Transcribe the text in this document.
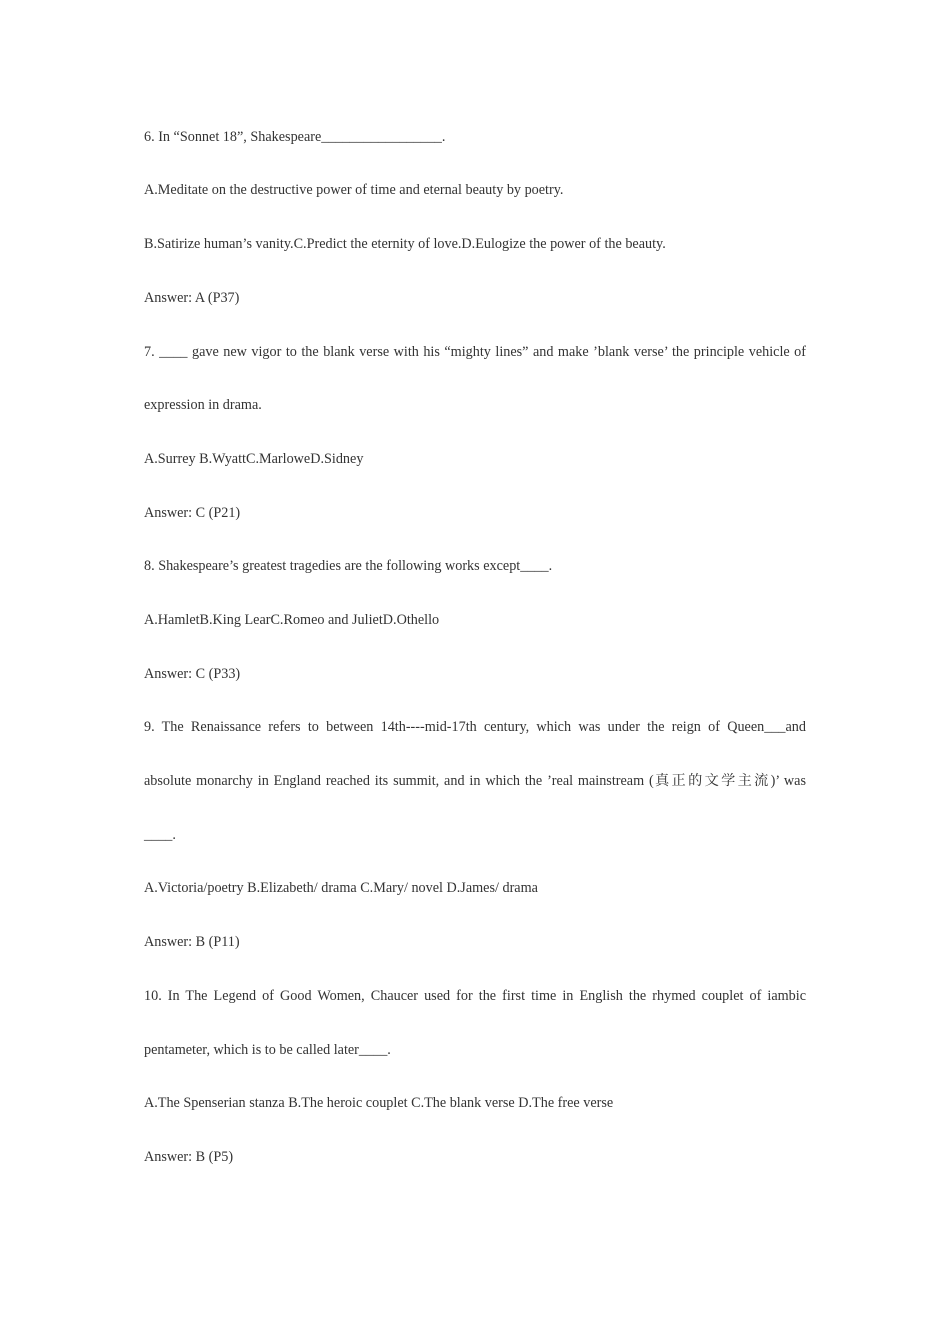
6. In “Sonnet 18”, Shakespeare_________________.
A.Meditate on the destructive power of time and eternal beauty by poetry.
B.Satirize human’s vanity.C.Predict the eternity of love.D.Eulogize the power of the beauty.
Answer: A (P37)
7. ____ gave new vigor to the blank verse with his “mighty lines” and make ’blank verse’ the principle vehicle of
expression in drama.
A.Surrey B.WyattC.MarloweD.Sidney
Answer: C (P21)
8. Shakespeare’s greatest tragedies are the following works except____.
A.HamletB.King LearC.Romeo and JulietD.Othello
Answer: C (P33)
9. The Renaissance refers to between 14th----mid-17th century, which was under the reign of Queen___and
absolute monarchy in England reached its summit, and in which the ’real mainstream (真正的文学主流)’ was
____.
A.Victoria/poetry B.Elizabeth/ drama C.Mary/ novel D.James/ drama
Answer: B (P11)
10. In The Legend of Good Women, Chaucer used for the first time in English the rhymed couplet of iambic
pentameter, which is to be called later____.
A.The Spenserian stanza B.The heroic couplet C.The blank verse D.The free verse
Answer: B (P5)
